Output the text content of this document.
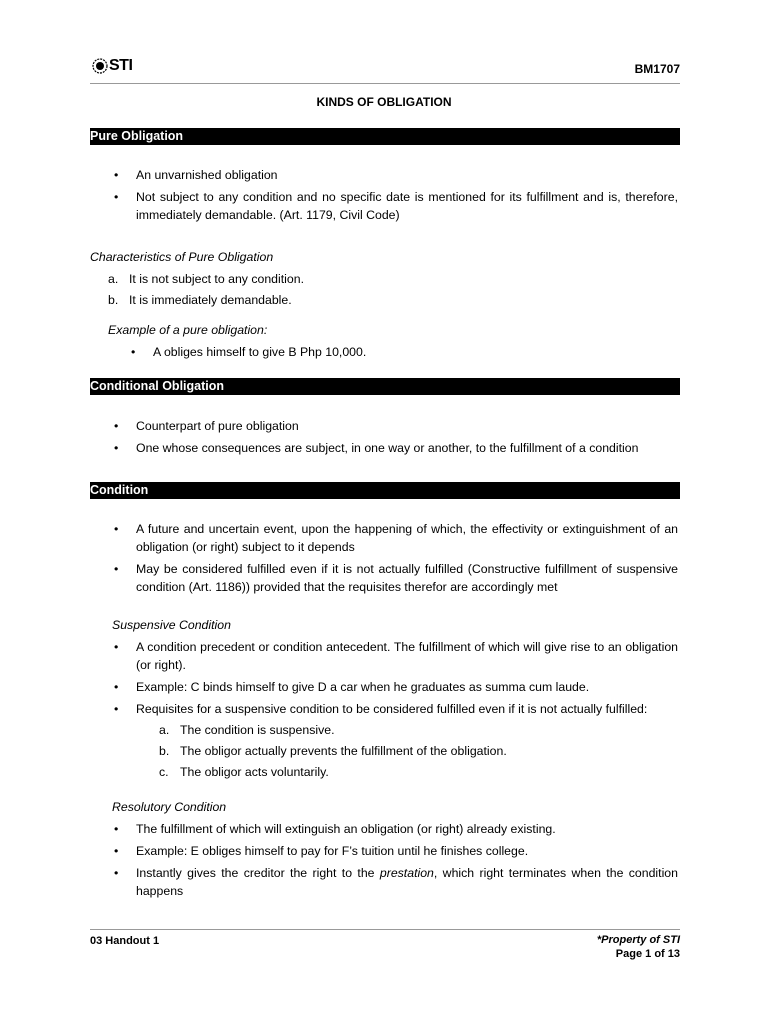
STI	BM1707
KINDS OF OBLIGATION
Pure Obligation
• An unvarnished obligation
• Not subject to any condition and no specific date is mentioned for its fulfillment and is, therefore, immediately demandable. (Art. 1179, Civil Code)
Characteristics of Pure Obligation
a. It is not subject to any condition.
b. It is immediately demandable.
Example of a pure obligation:
• A obliges himself to give B Php 10,000.
Conditional Obligation
• Counterpart of pure obligation
• One whose consequences are subject, in one way or another, to the fulfillment of a condition
Condition
• A future and uncertain event, upon the happening of which, the effectivity or extinguishment of an obligation (or right) subject to it depends
• May be considered fulfilled even if it is not actually fulfilled (Constructive fulfillment of suspensive condition (Art. 1186)) provided that the requisites therefor are accordingly met
Suspensive Condition
• A condition precedent or condition antecedent. The fulfillment of which will give rise to an obligation (or right).
• Example: C binds himself to give D a car when he graduates as summa cum laude.
• Requisites for a suspensive condition to be considered fulfilled even if it is not actually fulfilled:
a. The condition is suspensive.
b. The obligor actually prevents the fulfillment of the obligation.
c. The obligor acts voluntarily.
Resolutory Condition
• The fulfillment of which will extinguish an obligation (or right) already existing.
• Example: E obliges himself to pay for F’s tuition until he finishes college.
• Instantly gives the creditor the right to the prestation, which right terminates when the condition happens
03 Handout 1	*Property of STI
Page 1 of 13
